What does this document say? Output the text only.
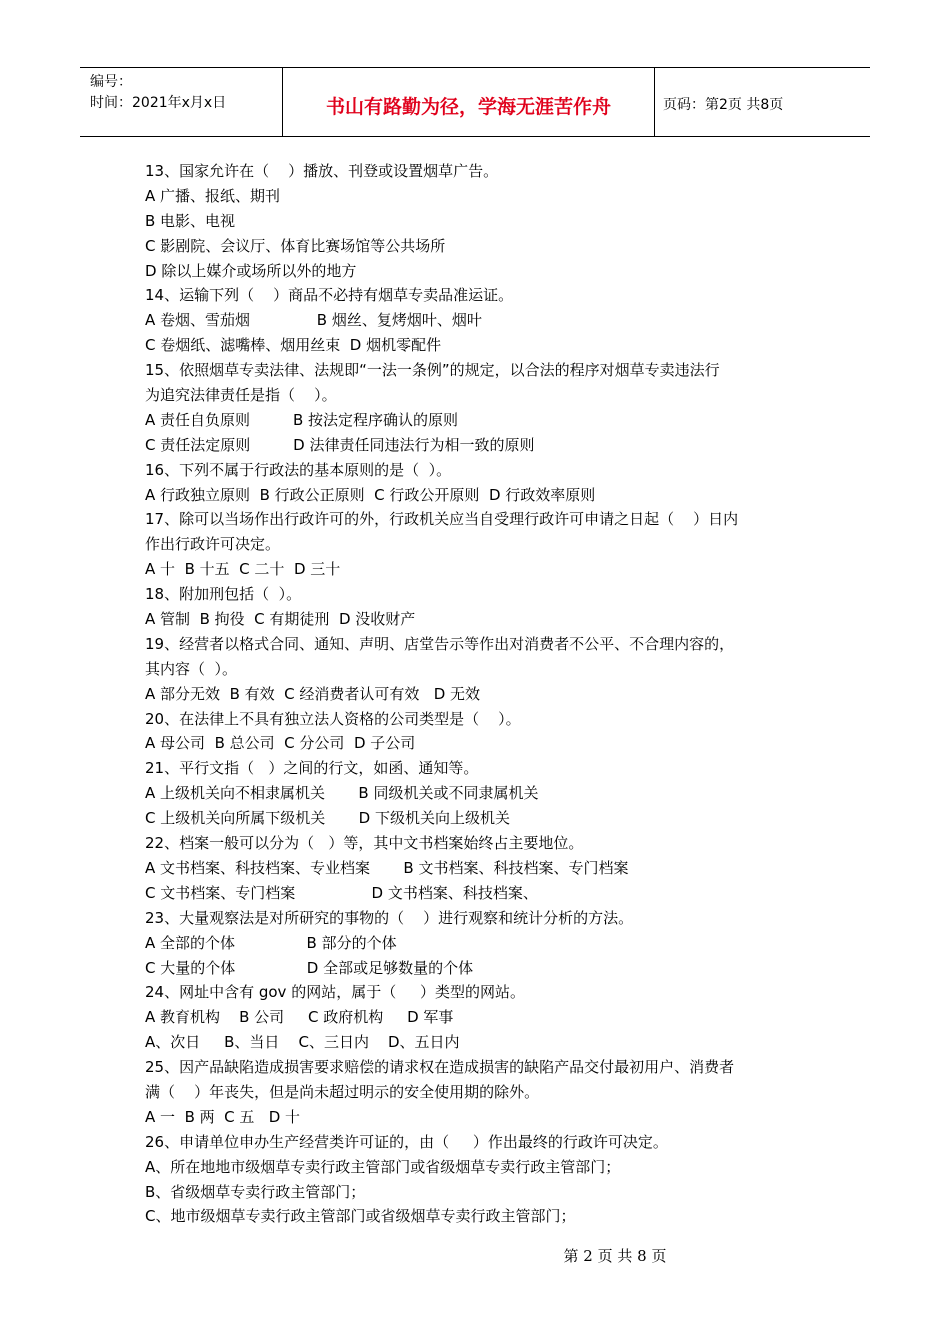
编号：
时间：2021年x月x日	书山有路勤为径，学海无涯苦作舟	页码：第2页 共8页
13、国家允许在（    ）播放、刊登或设置烟草广告。
A 广播、报纸、期刊
B 电影、电视
C 影剧院、会议厅、体育比赛场馆等公共场所
D 除以上媒介或场所以外的地方
14、运输下列（    ）商品不必持有烟草专卖品准运证。
A 卷烟、雪茄烟              B 烟丝、复烤烟叶、烟叶
C 卷烟纸、滤嘴棒、烟用丝束  D 烟机零配件
15、依照烟草专卖法律、法规即“一法一条例”的规定，以合法的程序对烟草专卖违法行
为追究法律责任是指（    ）。
A 责任自负原则         B 按法定程序确认的原则
C 责任法定原则         D 法律责任同违法行为相一致的原则
16、下列不属于行政法的基本原则的是（  ）。
A 行政独立原则  B 行政公正原则  C 行政公开原则  D 行政效率原则
17、除可以当场作出行政许可的外，行政机关应当自受理行政许可申请之日起（    ）日内
作出行政许可决定。
A 十  B 十五  C 二十  D 三十
18、附加刑包括（  ）。
A 管制  B 拘役  C 有期徒刑  D 没收财产
19、经营者以格式合同、通知、声明、店堂告示等作出对消费者不公平、不合理内容的，
其内容（  ）。
A 部分无效  B 有效  C 经消费者认可有效   D 无效
20、在法律上不具有独立法人资格的公司类型是（    ）。
A 母公司  B 总公司  C 分公司  D 子公司
21、平行文指（   ）之间的行文，如函、通知等。
A 上级机关向不相隶属机关       B 同级机关或不同隶属机关
C 上级机关向所属下级机关       D 下级机关向上级机关
22、档案一般可以分为（   ）等，其中文书档案始终占主要地位。
A 文书档案、科技档案、专业档案       B 文书档案、科技档案、专门档案
C 文书档案、专门档案                D 文书档案、科技档案、
23、大量观察法是对所研究的事物的（    ）进行观察和统计分析的方法。
A 全部的个体               B 部分的个体
C 大量的个体               D 全部或足够数量的个体
24、网址中含有 gov 的网站，属于（     ）类型的网站。
A 教育机构    B 公司     C 政府机构     D 军事
A、次日     B、当日    C、三日内    D、五日内
25、因产品缺陷造成损害要求赔偿的请求权在造成损害的缺陷产品交付最初用户、消费者
满（    ）年丧失，但是尚未超过明示的安全使用期的除外。
A 一  B 两  C 五   D 十
26、申请单位申办生产经营类许可证的，由（     ）作出最终的行政许可决定。
A、所在地地市级烟草专卖行政主管部门或省级烟草专卖行政主管部门；
B、省级烟草专卖行政主管部门；
C、地市级烟草专卖行政主管部门或省级烟草专卖行政主管部门；
第 2 页 共 8 页
